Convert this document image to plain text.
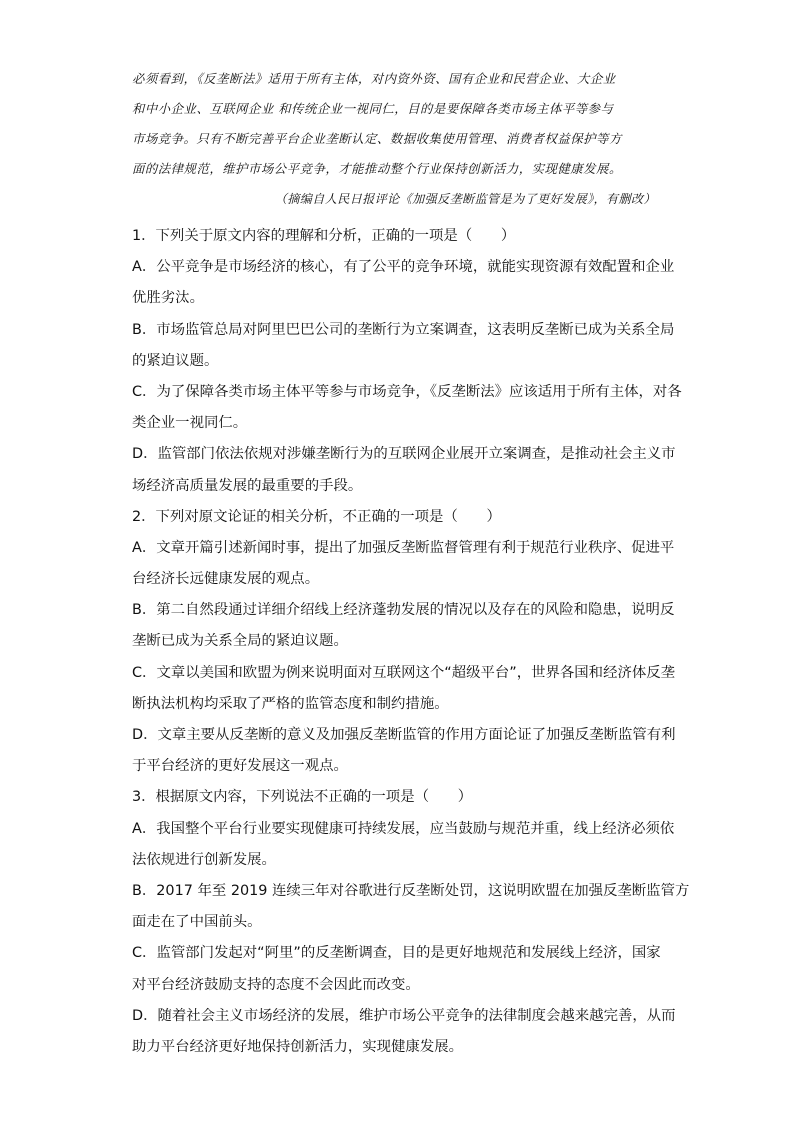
必须看到，《反垄断法》适用于所有主体，对内资外资、国有企业和民营企业、大企业
和中小企业、互联网企业 和传统企业一视同仁，目的是要保障各类市场主体平等参与
市场竞争。只有不断完善平台企业垄断认定、数据收集使用管理、消费者权益保护等方
面的法律规范，维护市场公平竞争，才能推动整个行业保持创新活力，实现健康发展。
（摘编自人民日报评论《加强反垄断监管是为了更好发展》，有删改）
1．下列关于原文内容的理解和分析，正确的一项是（　　）
A．公平竞争是市场经济的核心，有了公平的竞争环境，就能实现资源有效配置和企业
优胜劣汰。
B．市场监管总局对阿里巴巴公司的垄断行为立案调查，这表明反垄断已成为关系全局
的紧迫议题。
C．为了保障各类市场主体平等参与市场竞争，《反垄断法》应该适用于所有主体，对各
类企业一视同仁。
D．监管部门依法依规对涉嫌垄断行为的互联网企业展开立案调查，是推动社会主义市
场经济高质量发展的最重要的手段。
2．下列对原文论证的相关分析，不正确的一项是（　　）
A．文章开篇引述新闻时事，提出了加强反垄断监督管理有利于规范行业秩序、促进平
台经济长远健康发展的观点。
B．第二自然段通过详细介绍线上经济蓬勃发展的情况以及存在的风险和隐患，说明反
垄断已成为关系全局的紧迫议题。
C．文章以美国和欧盟为例来说明面对互联网这个“超级平台”，世界各国和经济体反垄
断执法机构均采取了严格的监管态度和制约措施。
D．文章主要从反垄断的意义及加强反垄断监管的作用方面论证了加强反垄断监管有利
于平台经济的更好发展这一观点。
3．根据原文内容，下列说法不正确的一项是（　　）
A．我国整个平台行业要实现健康可持续发展，应当鼓励与规范并重，线上经济必须依
法依规进行创新发展。
B．2017 年至 2019 连续三年对谷歌进行反垄断处罚，这说明欧盟在加强反垄断监管方
面走在了中国前头。
C．监管部门发起对“阿里”的反垄断调查，目的是更好地规范和发展线上经济，国家
对平台经济鼓励支持的态度不会因此而改变。
D．随着社会主义市场经济的发展，维护市场公平竞争的法律制度会越来越完善，从而
助力平台经济更好地保持创新活力，实现健康发展。
